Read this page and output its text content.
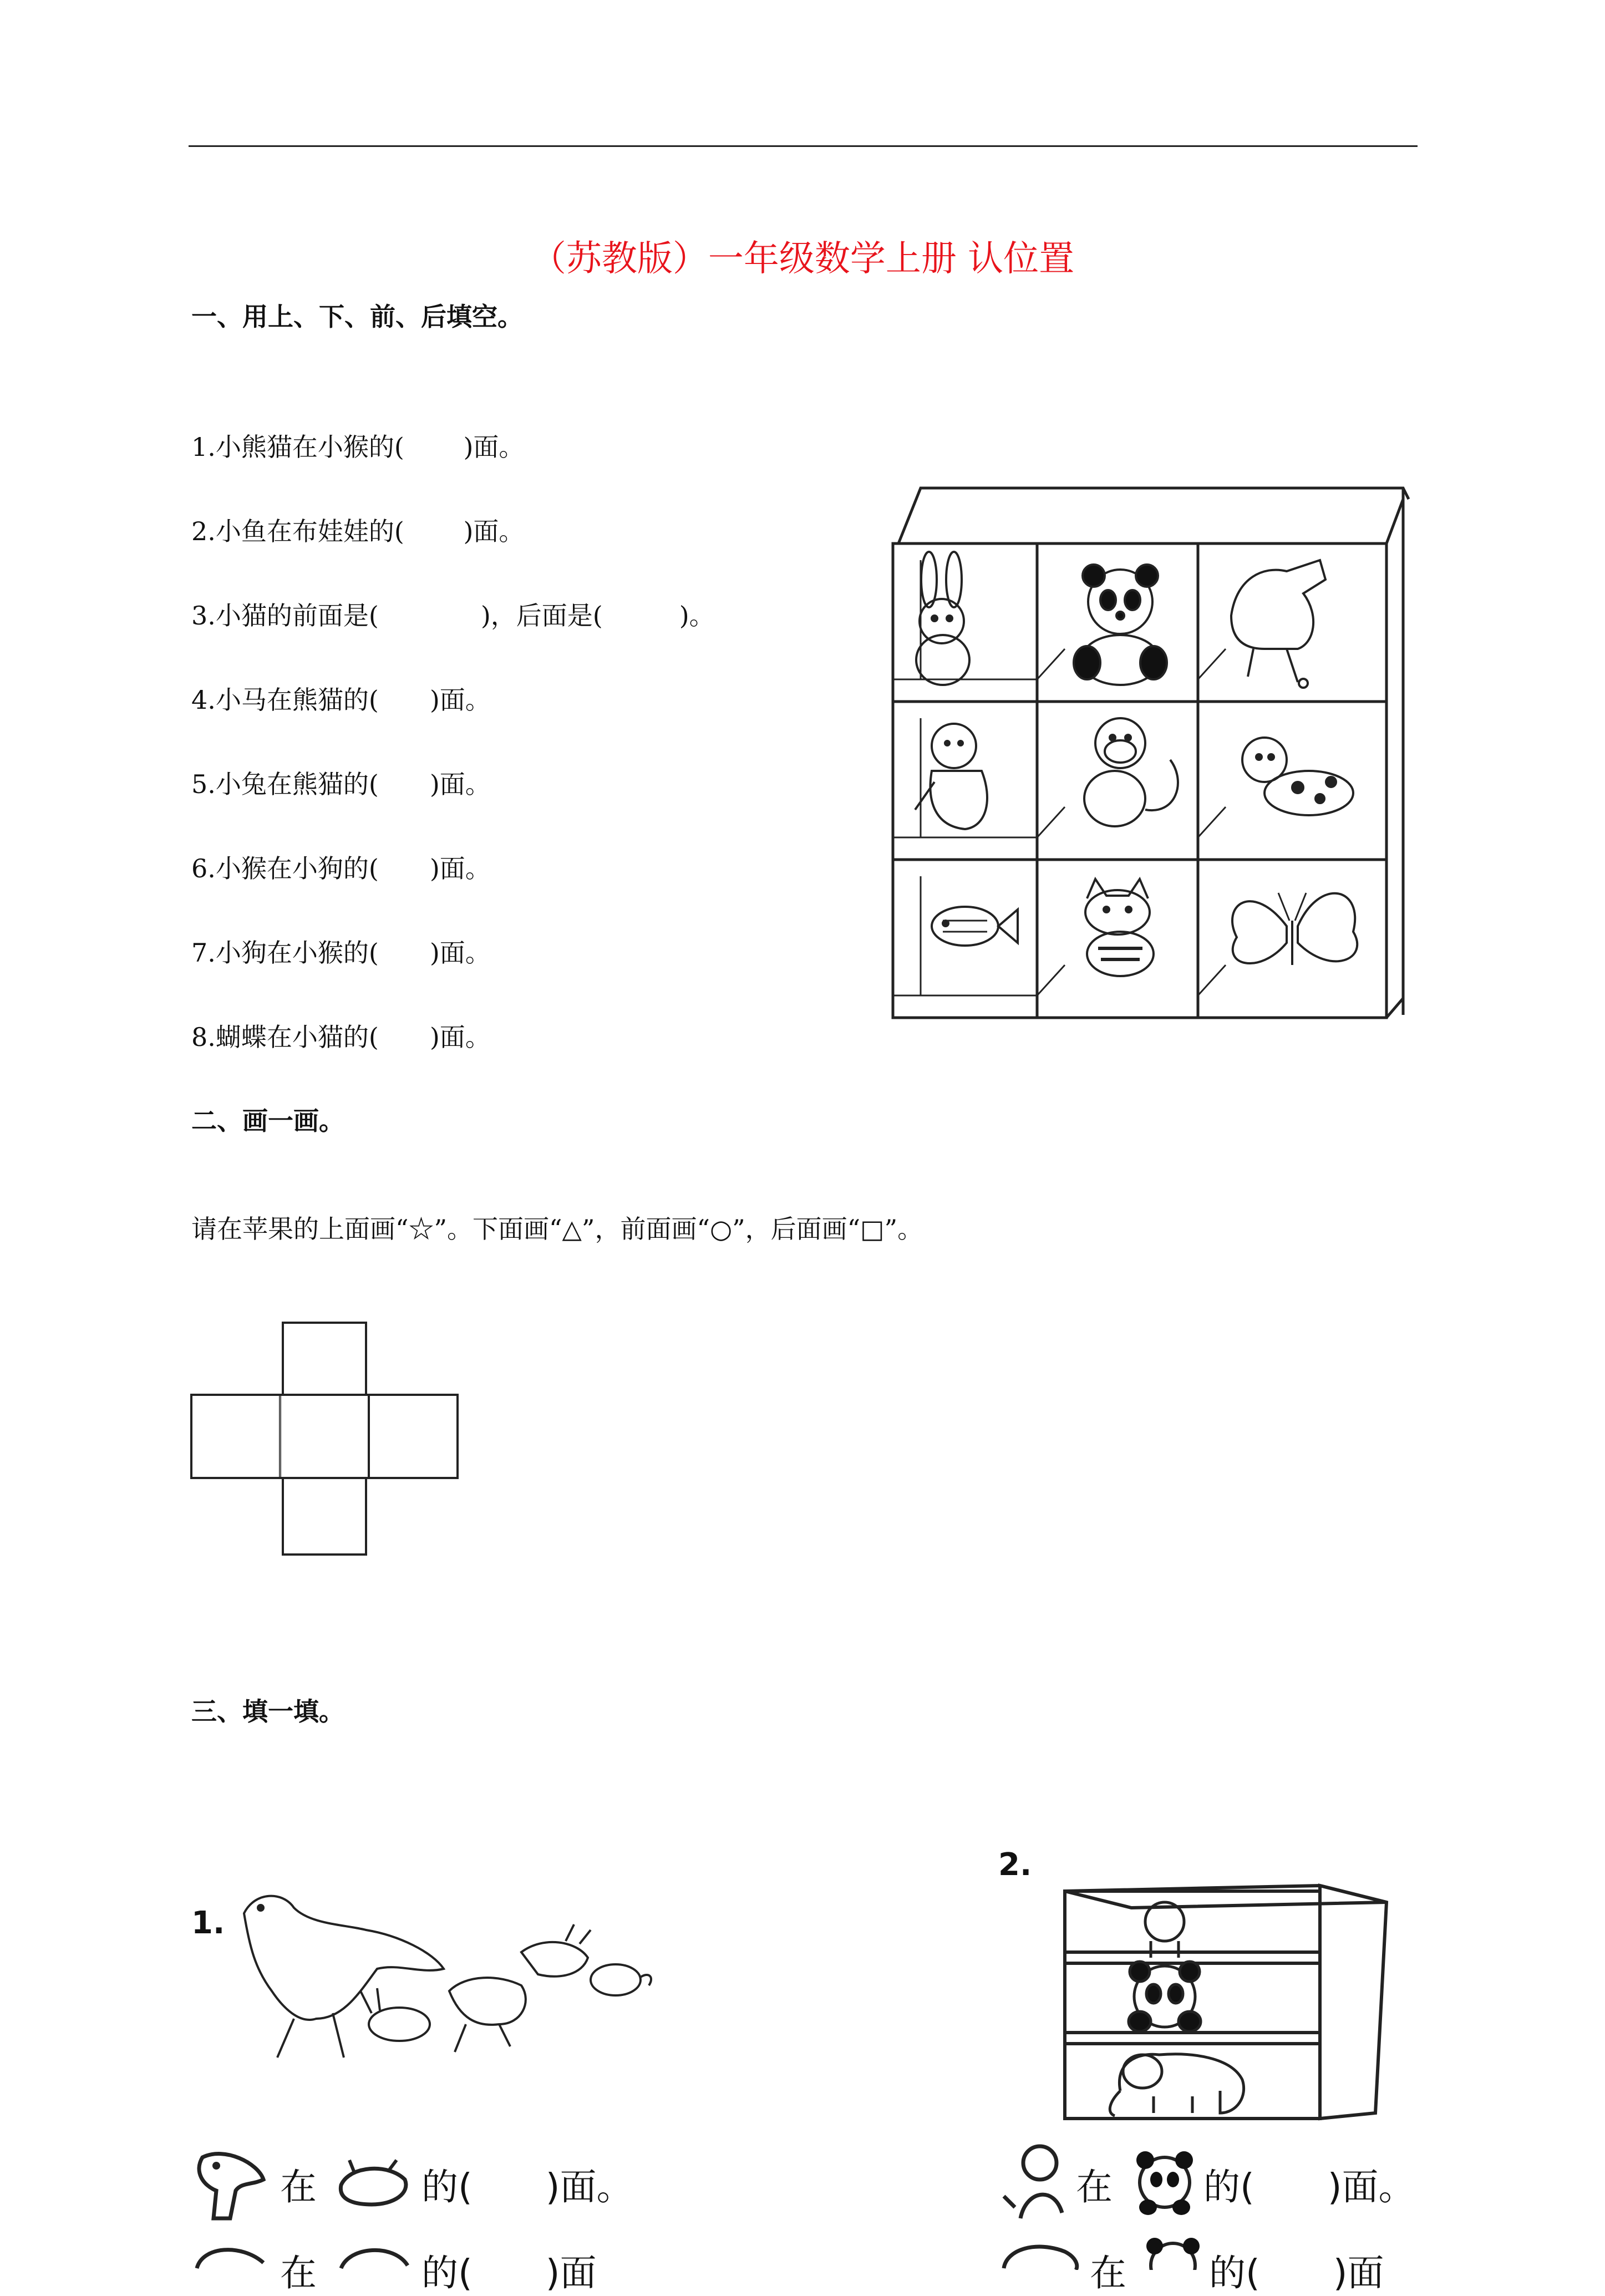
（苏教版）一年级数学上册 认位置
一、用上、下、前、后填空。
1.小熊猫在小猴的(　　 )面。
2.小鱼在布娃娃的(　　 )面。
3.小猫的前面是(　　　　)，后面是(　　　)。
4.小马在熊猫的(　　)面。
5.小兔在熊猫的(　　)面。
6.小猴在小狗的(　　)面。
7.小狗在小猴的(　　)面。
8.蝴蝶在小猫的(　　)面。
二、画一画。
请在苹果的上面画“☆”。下面画“△”，前面画“○”，后面画“□”。
三、填一填。
1.
在	的(　　)面。
在	的(　　)面
2.
在 的(　　)面。
在 的(　　)面
